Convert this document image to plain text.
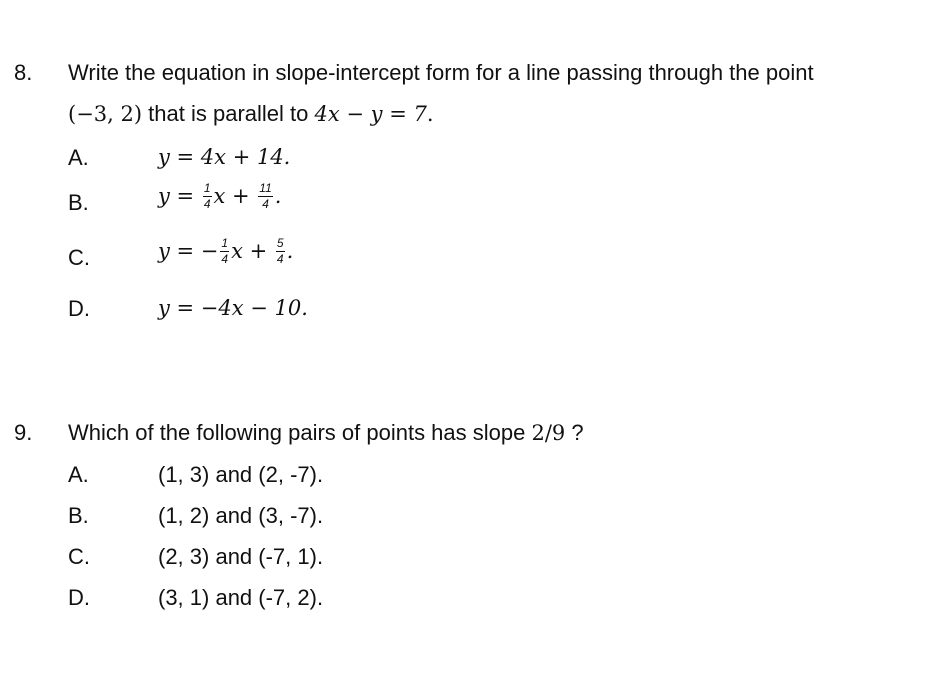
8. Write the equation in slope-intercept form for a line passing through the point
(−3, 2) that is parallel to 4x − y = 7.
A.	y = 4x + 14.
B.	$y = \frac{1}{4}$ $x + \frac{11}{4}$ .
C.	y = − $\frac{1}{4}$ $x + \frac{5}{4}$ .
D.	y = −4x − 10.
9. Which of the following pairs of points has slope 2/9 ?
A.	(1, 3) and (2, -7).
B.	(1, 2) and (3, -7).
C.	(2, 3) and (-7, 1).
D.	(3, 1) and (-7, 2).
